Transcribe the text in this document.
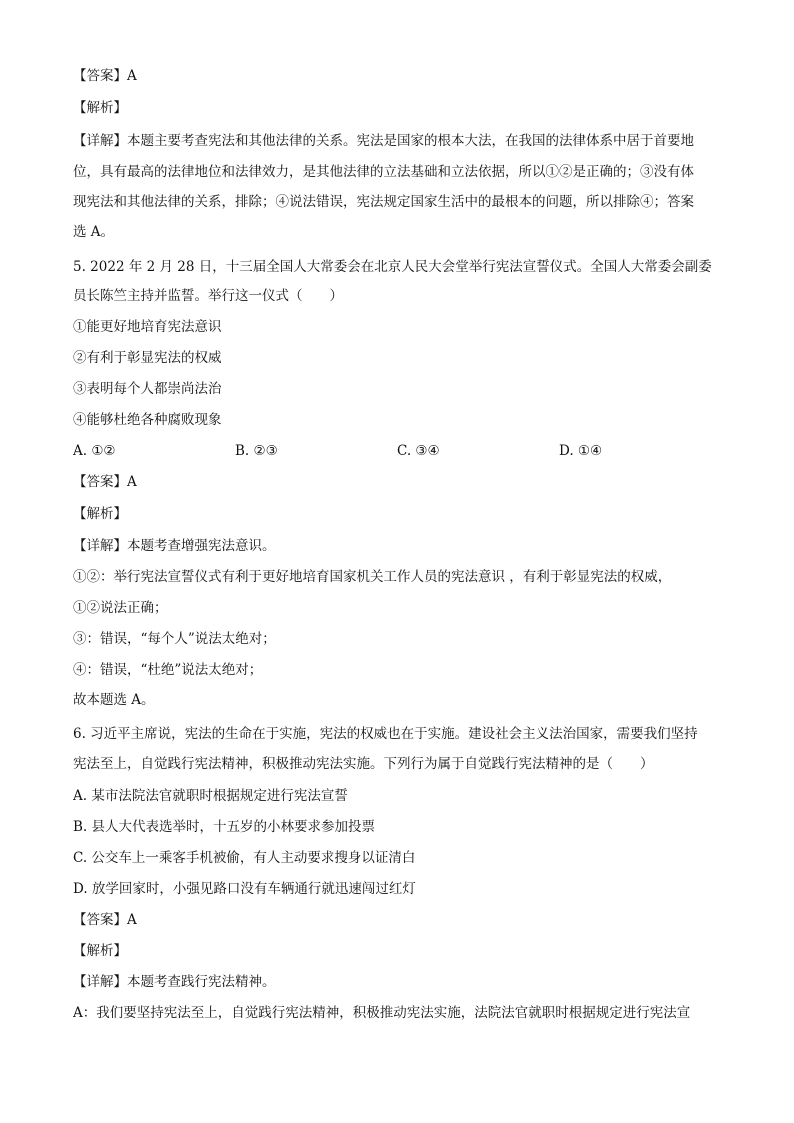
【答案】A
【解析】
【详解】本题主要考查宪法和其他法律的关系。宪法是国家的根本大法，在我国的法律体系中居于首要地
位，具有最高的法律地位和法律效力，是其他法律的立法基础和立法依据，所以①②是正确的；③没有体
现宪法和其他法律的关系，排除；④说法错误，宪法规定国家生活中的最根本的问题，所以排除④；答案
选 A。
5. 2022 年 2 月 28 日，十三届全国人大常委会在北京人民大会堂举行宪法宣誓仪式。全国人大常委会副委
员长陈竺主持并监誓。举行这一仪式（　　）
①能更好地培育宪法意识
②有利于彰显宪法的权威
③表明每个人都崇尚法治
④能够杜绝各种腐败现象
A. ①②	B. ②③	C. ③④	D. ①④
【答案】A
【解析】
【详解】本题考查增强宪法意识。
①②：举行宪法宣誓仪式有利于更好地培育国家机关工作人员的宪法意识 ，有利于彰显宪法的权威，
①②说法正确；
③：错误，“每个人”说法太绝对；
④：错误，“杜绝”说法太绝对；
故本题选 A。
6. 习近平主席说，宪法的生命在于实施，宪法的权威也在于实施。建设社会主义法治国家，需要我们坚持
宪法至上，自觉践行宪法精神，积极推动宪法实施。下列行为属于自觉践行宪法精神的是（　　）
A. 某市法院法官就职时根据规定进行宪法宣誓
B. 县人大代表选举时，十五岁的小林要求参加投票
C. 公交车上一乘客手机被偷，有人主动要求搜身以证清白
D. 放学回家时，小强见路口没有车辆通行就迅速闯过红灯
【答案】A
【解析】
【详解】本题考查践行宪法精神。
A：我们要坚持宪法至上，自觉践行宪法精神，积极推动宪法实施，法院法官就职时根据规定进行宪法宣
